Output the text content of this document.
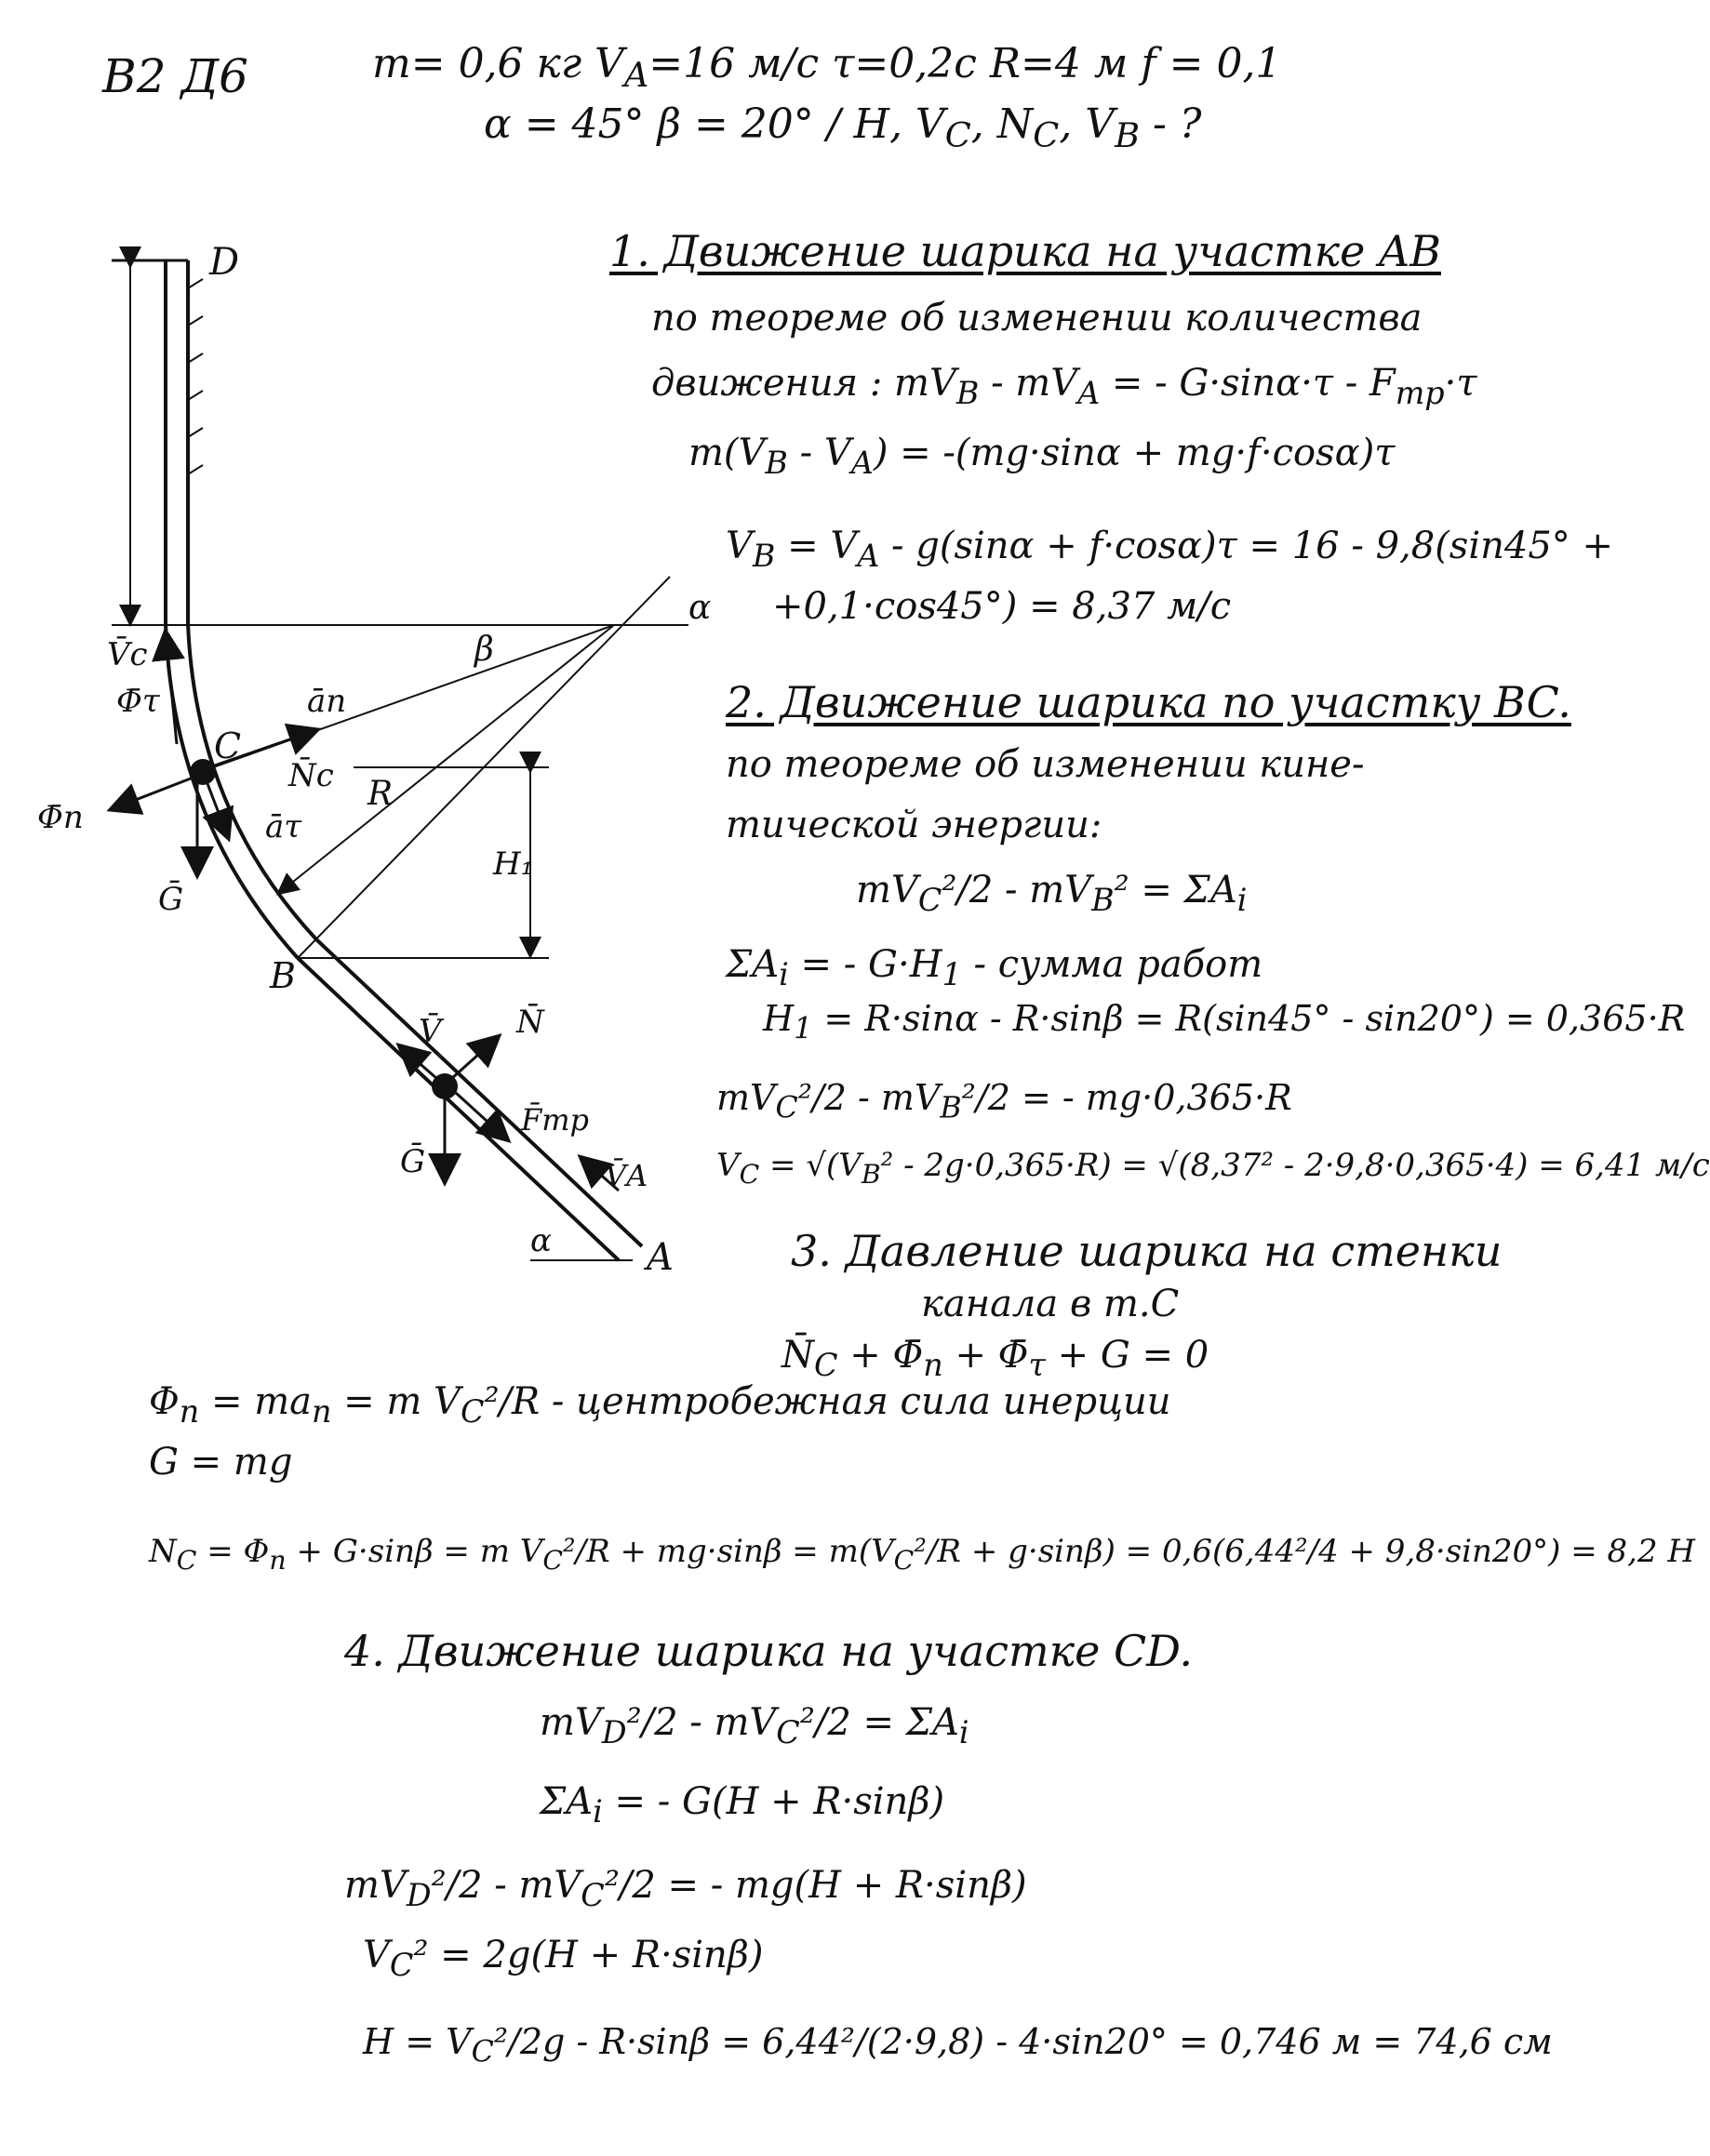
В2 Д6	m= 0,6 кг $V_A=16$ м/с τ=0,2с R=4 м f = 0,1
α = 45° β = 20° / H, $V_C$, $N_C$, $V_B$ - ?
D
C
B
A
α
β
α
V̄c
Φ̄τ	ān
Φ̄n
N̄c R
āτ
Ḡ
H₁
V̄ N̄
F̄тр
Ḡ	V̄A
1. Движение шарика на участке AB
по теореме об изменении количества
движения : $mV_B - mV_A$ = - $G\cdot\sin\alpha\cdot\tau - F_{тр}\cdot\tau$
$m(V_B - V_A) = -(mg\cdot\sin\alpha + mg\cdot f\cdot\cos\alpha)\tau$
$V_B = V_A - g(\sin\alpha + f\cdot\cos\alpha)\tau = 16 - 9,8(\sin 45^\circ$ +
+0,1·cos45°) = 8,37 м/с
2. Движение шарика по участку BC.
по теореме об изменении кине-
тической энергии:
$mV_C^2/2 - mV_B^2 = \Sigma A_i$
$\Sigma A_i$ = - $G\cdot H_1$ - сумма работ
$H_1 = R\cdot\sin\alpha - R\cdot\sin\beta = R(\sin 45^\circ - \sin 20^\circ) = 0,365\cdot R$
$mV_C^2/2 - mV_B^2/2$ = - mg·0,365·R
$V_C = √(V_B^2 - 2g\cdot 0,365\cdot R) = √(8,37^2 - 2\cdot 9,8\cdot 0,365\cdot 4) = 6,41$ м/с
3. Давление шарика на стенки
канала в т.C
$N̄_C$ + $\Phī_n$ + $\Phī_\tau + G = 0$
$\Phi_n = ma_n = m$ $V_C^2/R$ - центробежная сила инерции
G = mg
$N_C = \Phi_n + G\cdot\sin\beta = m$ $V_C^2/R + mg\cdot\sin\beta = m(V_C^2/R + g\cdot\sin\beta) = 0,6(6,44^2/4 + 9,8\cdot\sin 20^\circ) = 8,2$ H
4. Движение шарика на участке CD.
$mV_D^2/2 - mV_C^2/2 = \Sigma A_i$
$\Sigma A_i$ = - G(H + R·sinβ)
$mV_D^2/2 - mV_C^2/2$ = - mg(H + R·sinβ)
$V_C^2 = 2g(H + R\cdot\sin\beta)$
$H = V_C^2/2g - R\cdot\sin\beta = 6,44^2/(2\cdot 9,8) - 4\cdot\sin 20^\circ = 0,746$ м = 74,6 см
